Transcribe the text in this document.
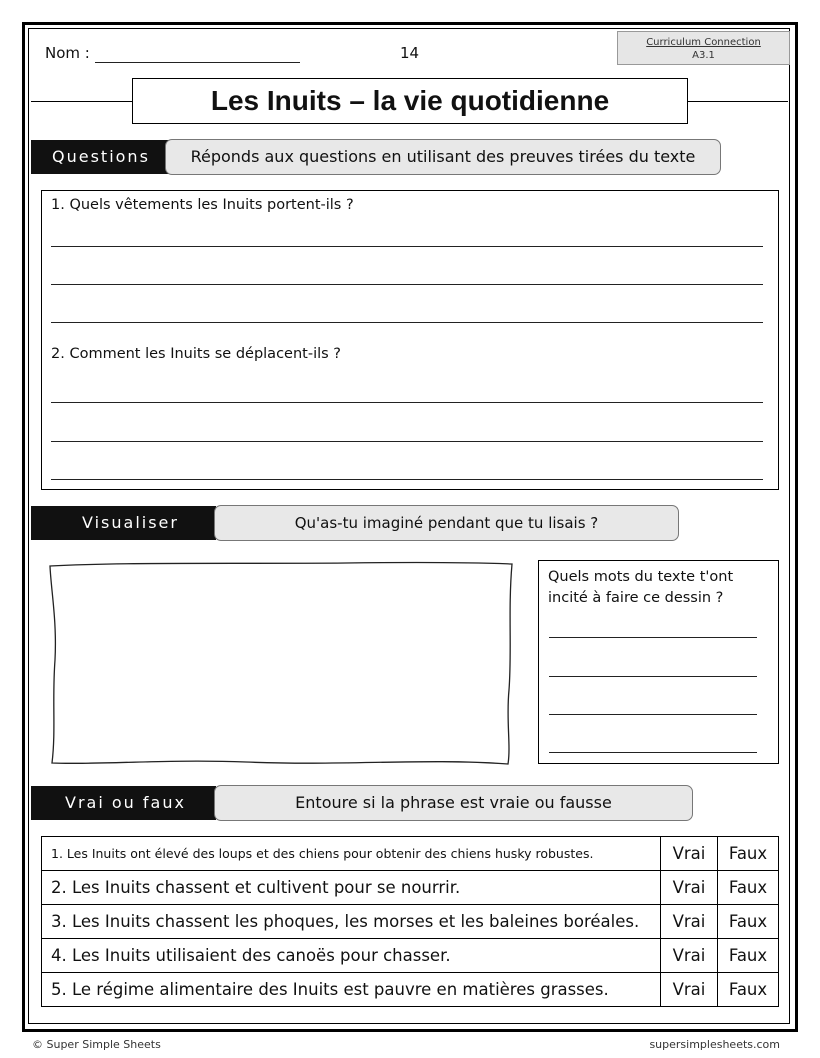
Nom :	14
Curriculum Connection
A3.1
Les Inuits – la vie quotidienne
Questions	Réponds aux questions en utilisant des preuves tirées du texte
1. Quels vêtements les Inuits portent-ils ?
2. Comment les Inuits se déplacent-ils ?
Visualiser	Qu'as-tu imaginé pendant que tu lisais ?
Quels mots du texte t'ont incité à faire ce dessin ?
Vrai ou faux	Entoure si la phrase est vraie ou fausse
1. Les Inuits ont élevé des loups et des chiens pour obtenir des chiens husky robustes.	Vrai	Faux
2. Les Inuits chassent et cultivent pour se nourrir.	Vrai	Faux
3. Les Inuits chassent les phoques, les morses et les baleines boréales.	Vrai	Faux
4. Les Inuits utilisaient des canoës pour chasser.	Vrai	Faux
5. Le régime alimentaire des Inuits est pauvre en matières grasses.	Vrai	Faux
© Super Simple Sheets	supersimplesheets.com
